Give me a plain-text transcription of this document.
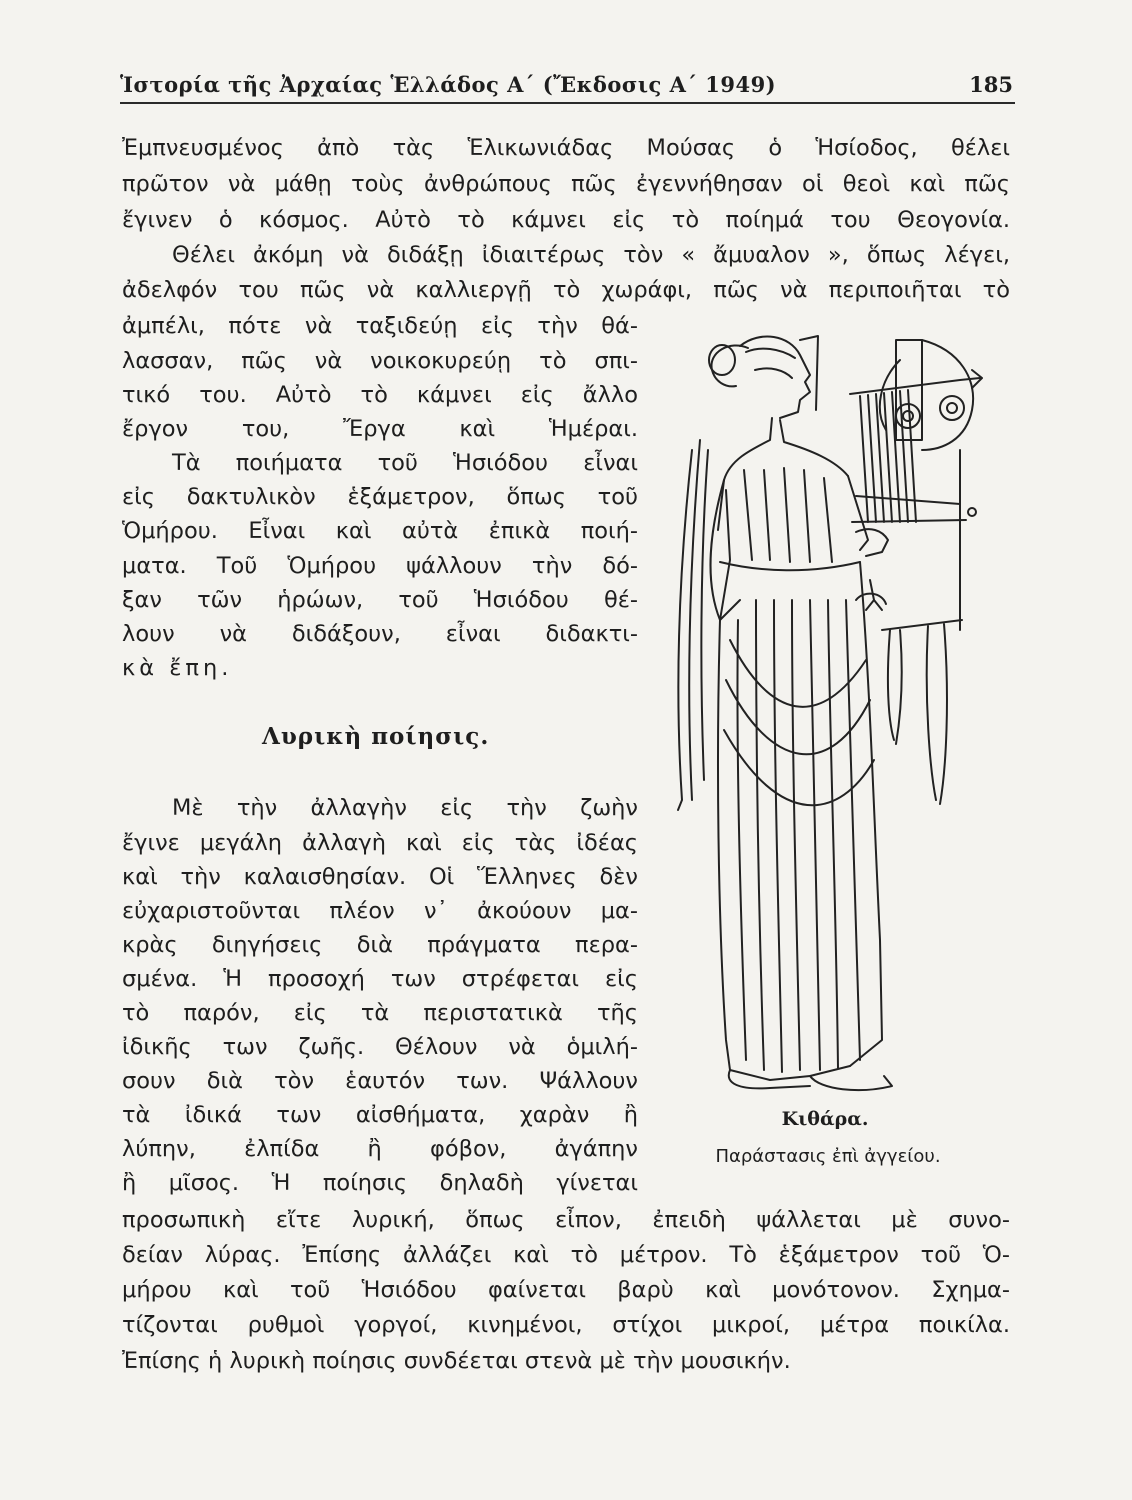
Ἱστορία τῆς Ἀρχαίας Ἑλλάδος Α΄ (Ἔκδοσις Α΄ 1949)	185
Ἐμπνευσμένος ἀπὸ τὰς Ἑλικωνιάδας Μούσας ὁ Ἡσίοδος, θέλει
πρῶτον νὰ μάθῃ τοὺς ἀνθρώπους πῶς ἐγεννήθησαν οἱ θεοὶ καὶ πῶς
ἔγινεν ὁ κόσμος. Αὐτὸ τὸ κάμνει εἰς τὸ ποίημά του Θεογονία.
Θέλει ἀκόμη νὰ διδάξῃ ἰδιαιτέρως τὸν « ἄμυαλον », ὅπως λέγει,
ἀδελφόν του πῶς νὰ καλλιεργῇ τὸ χωράφι, πῶς νὰ περιποιῆται τὸ
ἀμπέλι, πότε νὰ ταξιδεύῃ εἰς τὴν θά-
λασσαν, πῶς νὰ νοικοκυρεύῃ τὸ σπι-
τικό του. Αὐτὸ τὸ κάμνει εἰς ἄλλο
ἔργον του, Ἔργα καὶ Ἡμέραι.
Τὰ ποιήματα τοῦ Ἡσιόδου εἶναι
εἰς δακτυλικὸν ἑξάμετρον, ὅπως τοῦ
Ὁμήρου. Εἶναι καὶ αὐτὰ ἐπικὰ ποιή-
ματα. Τοῦ Ὁμήρου ψάλλουν τὴν δό-
ξαν τῶν ἡρώων, τοῦ Ἡσιόδου θέ-
λουν νὰ διδάξουν, εἶναι διδακτι-
κὰ ἔπη.
Λυρικὴ ποίησις.
Μὲ τὴν ἀλλαγὴν εἰς τὴν ζωὴν
ἔγινε μεγάλη ἀλλαγὴ καὶ εἰς τὰς ἰδέας
καὶ τὴν καλαισθησίαν. Οἱ Ἕλληνες δὲν
εὐχαριστοῦνται πλέον ν᾽ ἀκούουν μα-
κρὰς διηγήσεις διὰ πράγματα περα-
σμένα. Ἡ προσοχή των στρέφεται εἰς
τὸ παρόν, εἰς τὰ περιστατικὰ τῆς
ἰδικῆς των ζωῆς. Θέλουν νὰ ὁμιλή-
σουν διὰ τὸν ἑαυτόν των. Ψάλλουν
τὰ ἰδικά των αἰσθήματα, χαρὰν ἢ
λύπην, ἐλπίδα ἢ φόβον, ἀγάπην
ἢ μῖσος. Ἡ ποίησις δηλαδὴ γίνεται
προσωπικὴ εἴτε λυρική, ὅπως εἶπον, ἐπειδὴ ψάλλεται μὲ συνο-
δείαν λύρας. Ἐπίσης ἀλλάζει καὶ τὸ μέτρον. Τὸ ἑξάμετρον τοῦ Ὁ-
μήρου καὶ τοῦ Ἡσιόδου φαίνεται βαρὺ καὶ μονότονον. Σχημα-
τίζονται ρυθμοὶ γοργοί, κινημένοι, στίχοι μικροί, μέτρα ποικίλα.
Ἐπίσης ἡ λυρικὴ ποίησις συνδέεται στενὰ μὲ τὴν μουσικήν.
Κιθάρα.
Παράστασις ἐπὶ ἀγγείου.
